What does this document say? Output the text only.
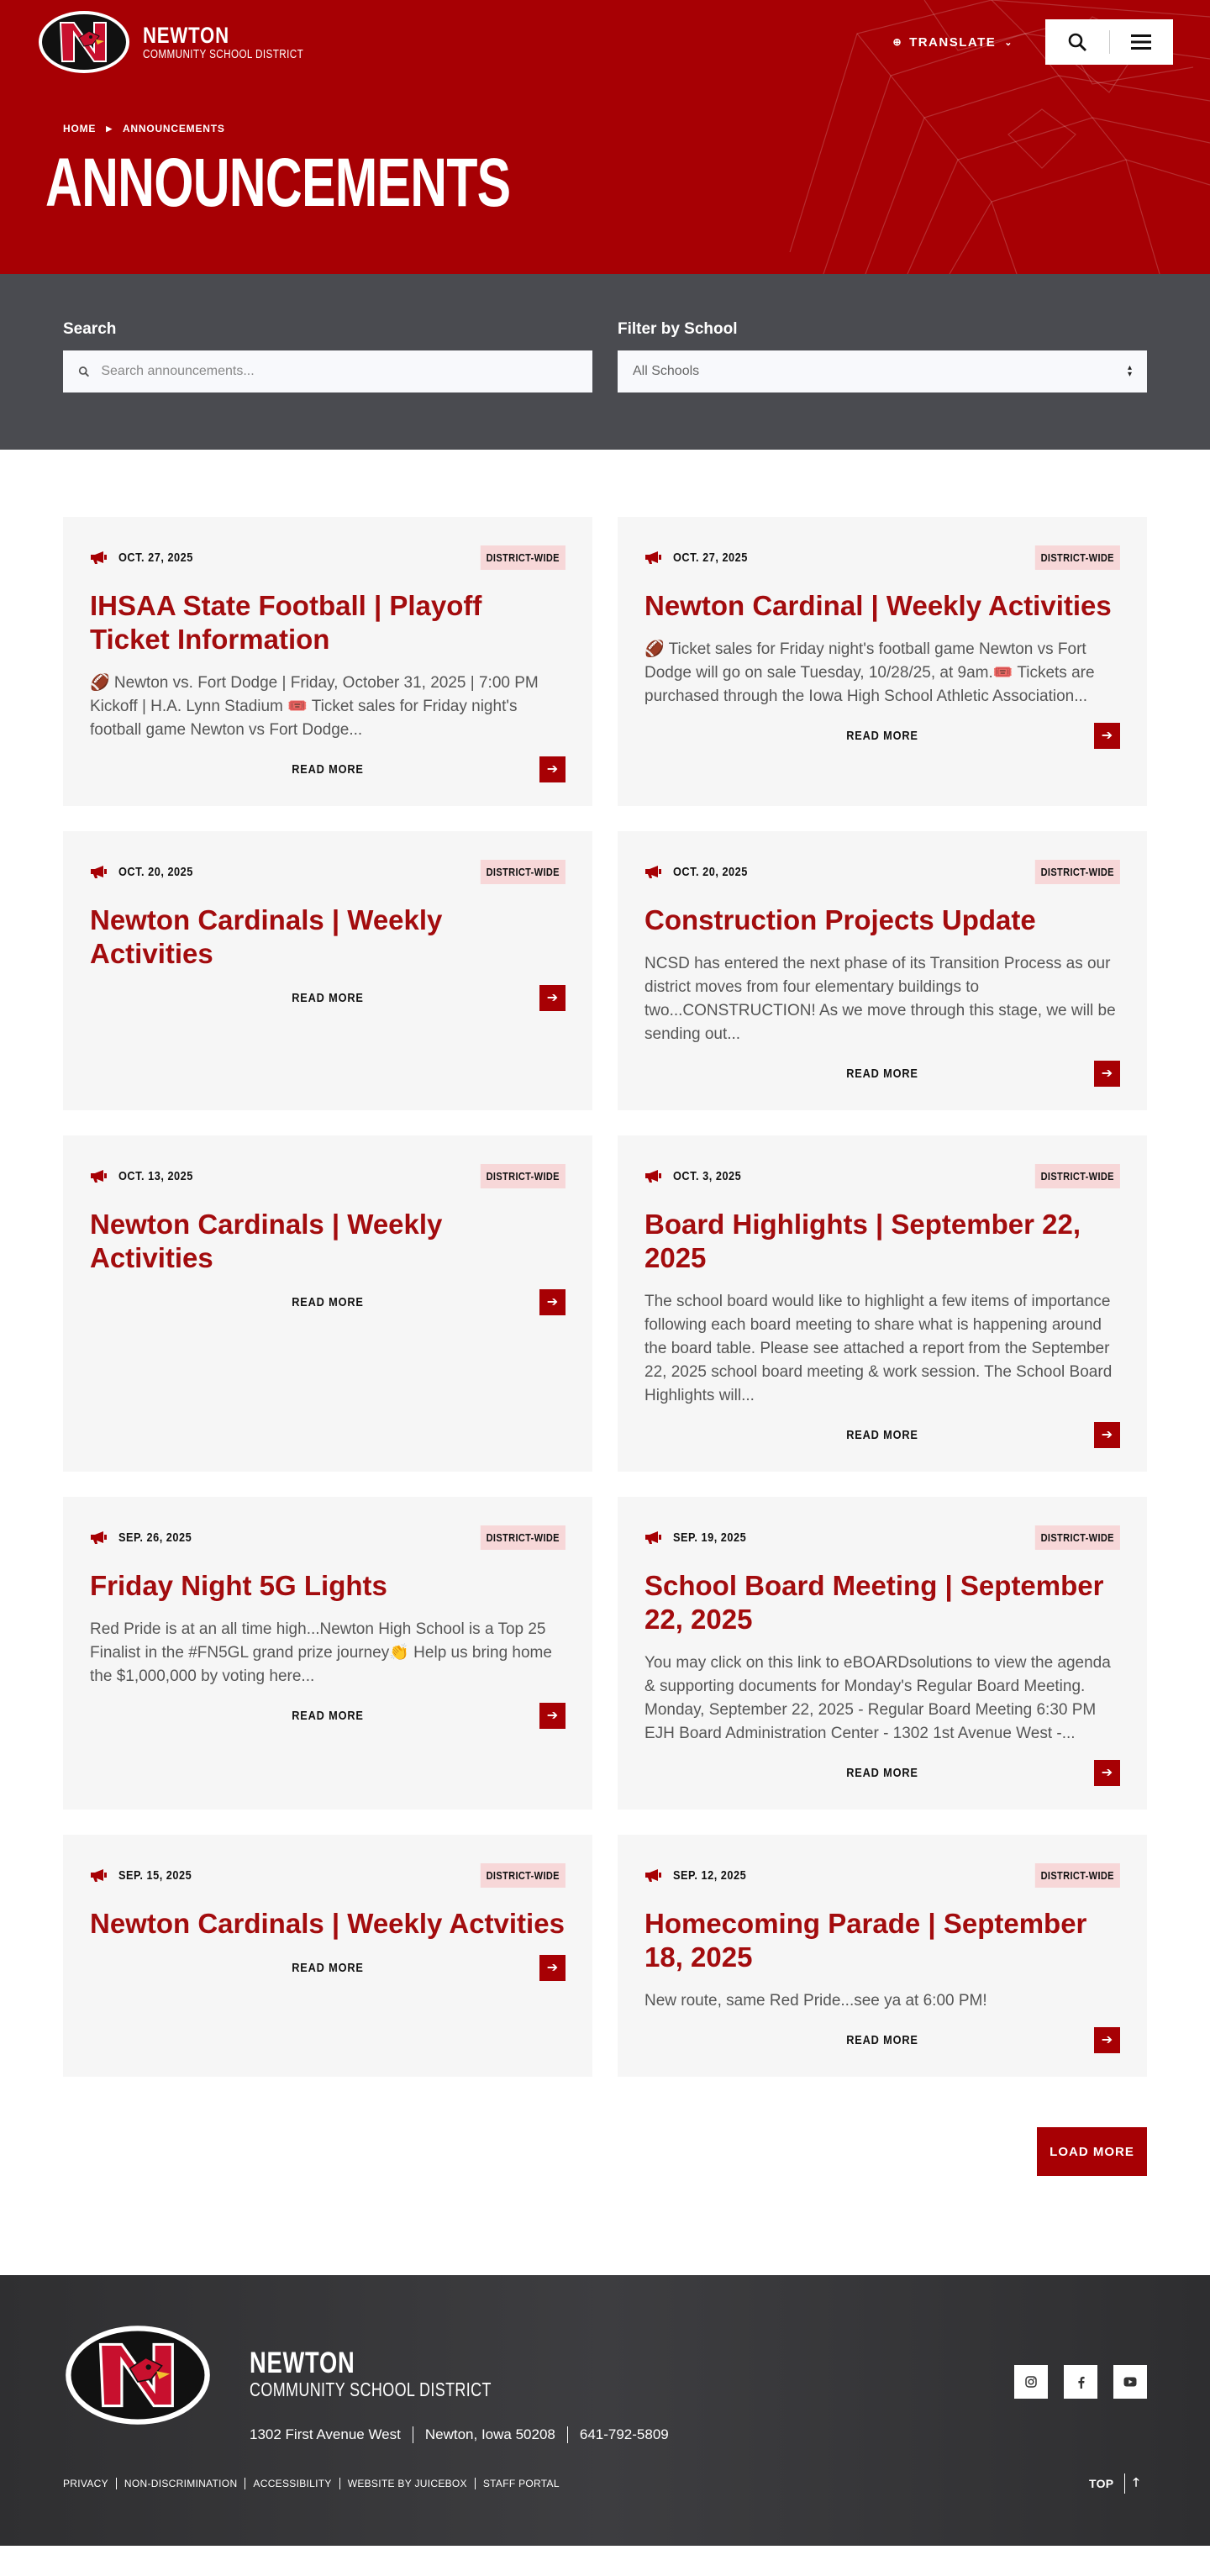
NEWTON
COMMUNITY SCHOOL DISTRICT
⊕ TRANSLATE ⌄
HOME ▶ ANNOUNCEMENTS
ANNOUNCEMENTS
Search
Search announcements...	Filter by School
All Schools	▴
▾
OCT. 27, 2025	DISTRICT-WIDE
IHSAA State Football | Playoff Ticket Information

🏈 Newton vs. Fort Dodge | Friday, October 31, 2025 | 7:00 PM Kickoff | H.A. Lynn Stadium 🎟️ Ticket sales for Friday night's football game Newton vs Fort Dodge...

READ MORE	➔
OCT. 27, 2025	DISTRICT-WIDE
Newton Cardinal | Weekly Activities

🏈 Ticket sales for Friday night's football game Newton vs Fort Dodge will go on sale Tuesday, 10/28/25, at 9am.🎟️ Tickets are purchased through the Iowa High School Athletic Association...

READ MORE	➔
OCT. 20, 2025	DISTRICT-WIDE
Newton Cardinals | Weekly Activities
READ MORE	➔
OCT. 20, 2025	DISTRICT-WIDE
Construction Projects Update

NCSD has entered the next phase of its Transition Process as our district moves from four elementary buildings to two...CONSTRUCTION! As we move through this stage, we will be sending out...

READ MORE	➔
OCT. 13, 2025	DISTRICT-WIDE
Newton Cardinals | Weekly Activities
READ MORE	➔
OCT. 3, 2025	DISTRICT-WIDE
Board Highlights | September 22, 2025

The school board would like to highlight a few items of importance following each board meeting to share what is happening around the board table. Please see attached a report from the September 22, 2025 school board meeting & work session. The School Board Highlights will...

READ MORE	➔
SEP. 26, 2025	DISTRICT-WIDE
Friday Night 5G Lights

Red Pride is at an all time high...Newton High School is a Top 25 Finalist in the #FN5GL grand prize journey👏 Help us bring home the $1,000,000 by voting here...

READ MORE	➔
SEP. 19, 2025	DISTRICT-WIDE
School Board Meeting | September 22, 2025

You may click on this link to eBOARDsolutions to view the agenda & supporting documents for Monday's Regular Board Meeting. Monday, September 22, 2025 - Regular Board Meeting 6:30 PM EJH Board Administration Center - 1302 1st Avenue West -...

READ MORE	➔
SEP. 15, 2025	DISTRICT-WIDE
Newton Cardinals | Weekly Actvities
READ MORE	➔
SEP. 12, 2025	DISTRICT-WIDE
Homecoming Parade | September 18, 2025

New route, same Red Pride...see ya at 6:00 PM!

READ MORE	➔
LOAD MORE
NEWTON
COMMUNITY SCHOOL DISTRICT
1302 First Avenue West	Newton, Iowa 50208	641-792-5809
PRIVACY	NON-DISCRIMINATION	ACCESSIBILITY	WEBSITE BY JUICEBOX	STAFF PORTAL	TOP	🡑
